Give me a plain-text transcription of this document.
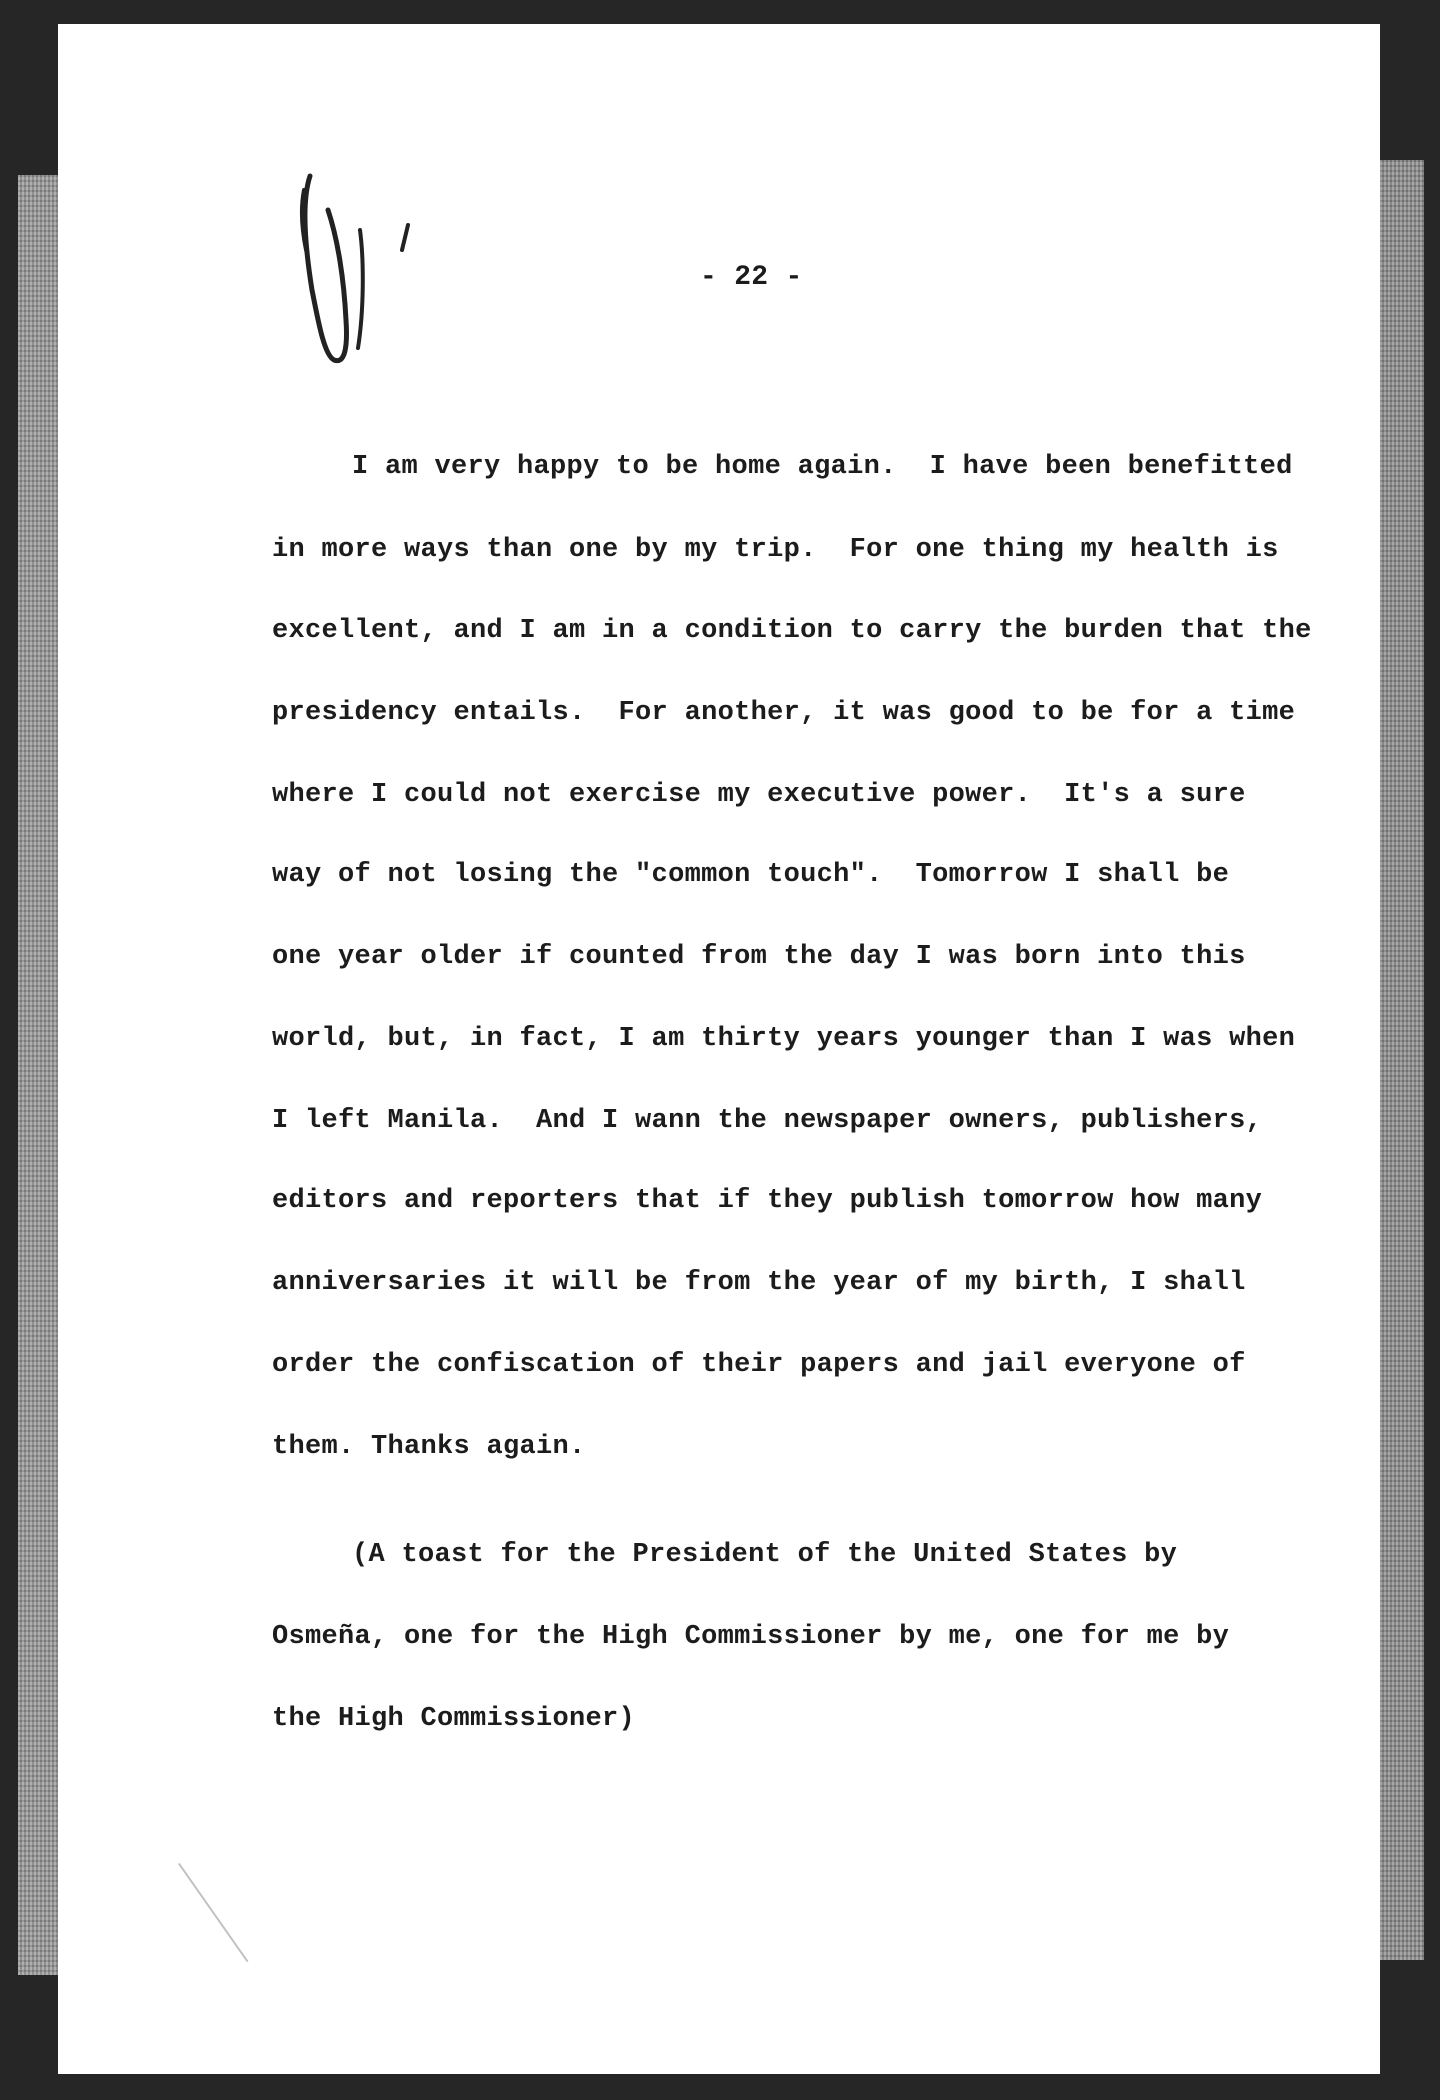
- 22 -
I am very happy to be home again.  I have been benefitted
in more ways than one by my trip.  For one thing my health is
excellent, and I am in a condition to carry the burden that the
presidency entails.  For another, it was good to be for a time
where I could not exercise my executive power.  It's a sure
way of not losing the "common touch".  Tomorrow I shall be
one year older if counted from the day I was born into this
world, but, in fact, I am thirty years younger than I was when
I left Manila.  And I wann the newspaper owners, publishers,
editors and reporters that if they publish tomorrow how many
anniversaries it will be from the year of my birth, I shall
order the confiscation of their papers and jail everyone of
them. Thanks again.
(A toast for the President of the United States by
Osmeña, one for the High Commissioner by me, one for me by
the High Commissioner)
